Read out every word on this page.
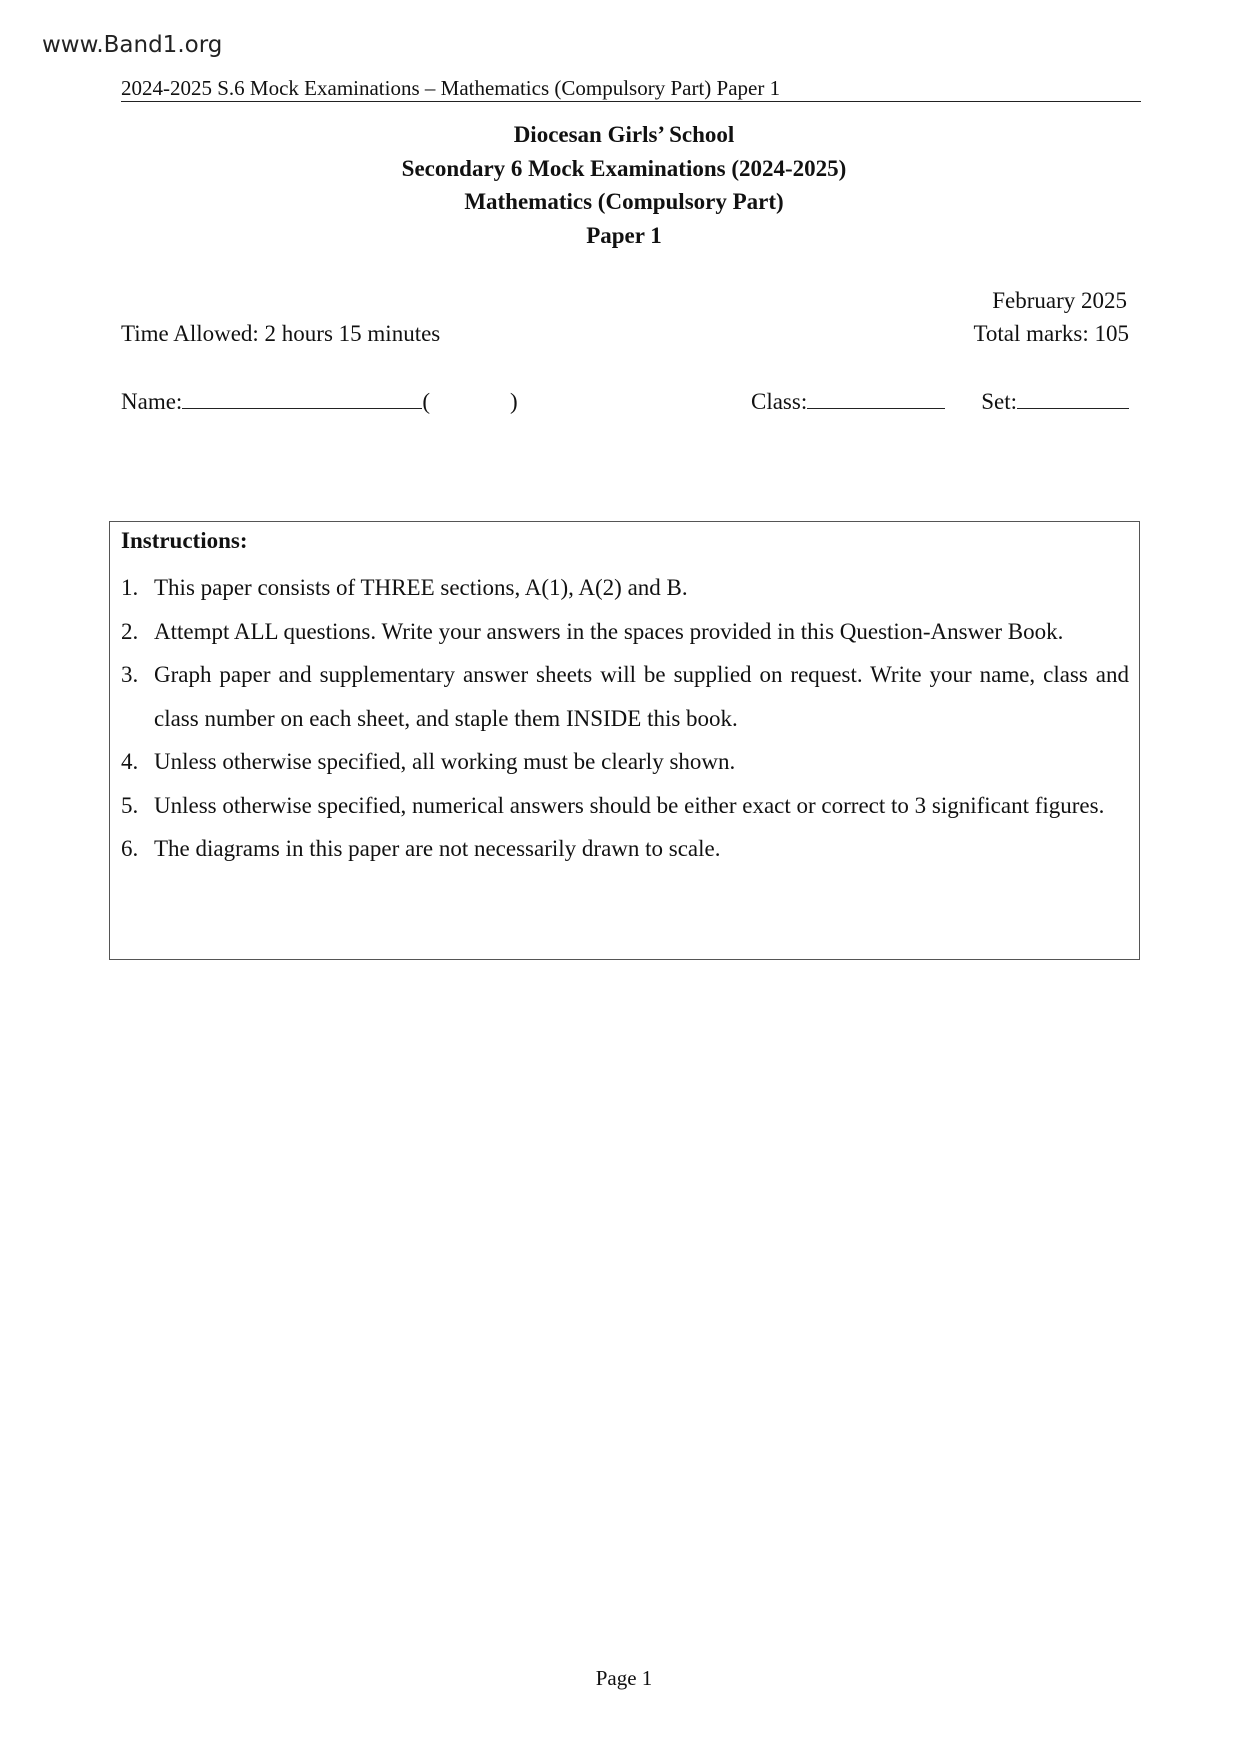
www.Band1.org
2024-2025 S.6 Mock Examinations – Mathematics (Compulsory Part) Paper 1
Diocesan Girls’ School
Secondary 6 Mock Examinations (2024-2025)
Mathematics (Compulsory Part)
Paper 1
February 2025
Time Allowed: 2 hours 15 minutes	Total marks: 105
Name:	(	)	Class:	Set:
Instructions:
1. This paper consists of THREE sections, A(1), A(2) and B.
2. Attempt ALL questions. Write your answers in the spaces provided in this Question-Answer Book.
3. Graph paper and supplementary answer sheets will be supplied on request. Write your name, class and class number on each sheet, and staple them INSIDE this book.
4. Unless otherwise specified, all working must be clearly shown.
5. Unless otherwise specified, numerical answers should be either exact or correct to 3 significant figures.
6. The diagrams in this paper are not necessarily drawn to scale.
Page 1
